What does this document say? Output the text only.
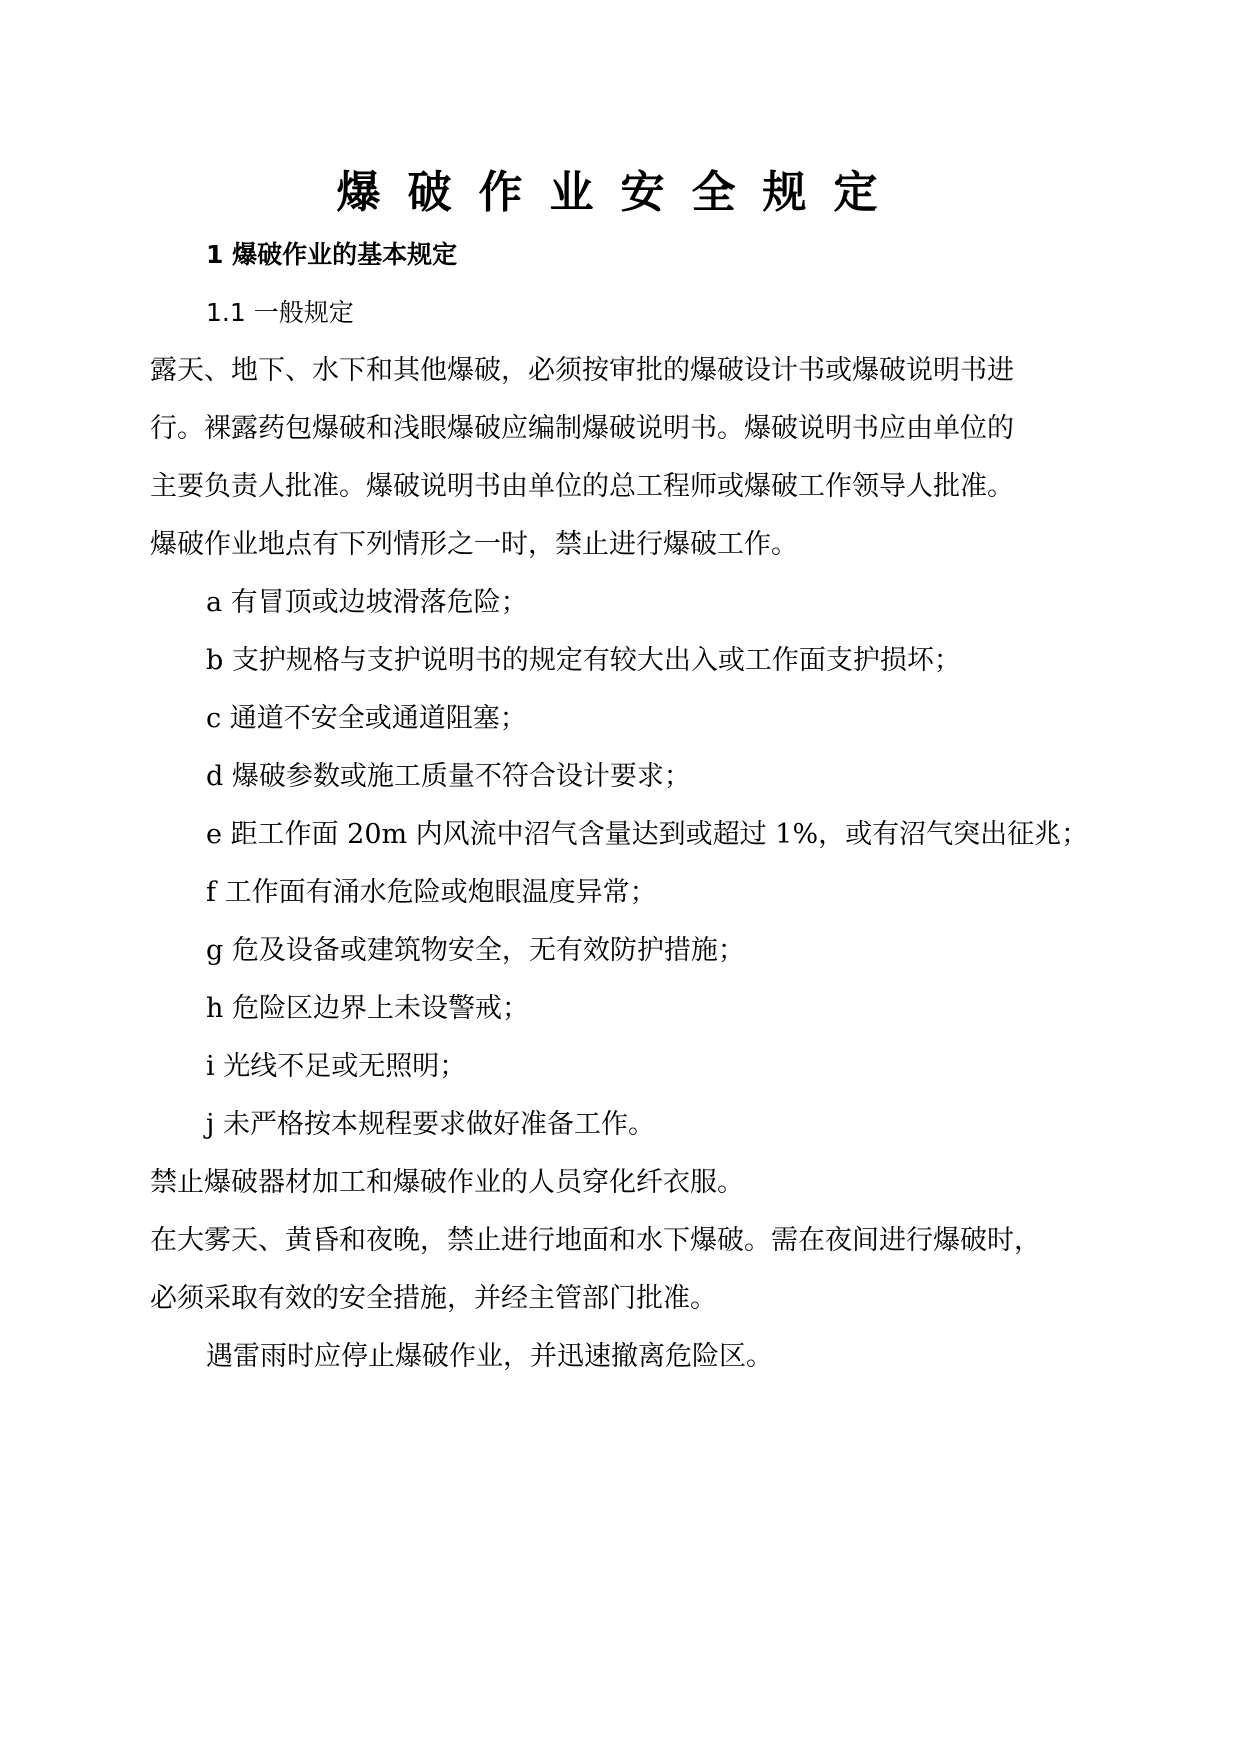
爆破作业安全规定
1 爆破作业的基本规定
1.1 一般规定
露天、地下、水下和其他爆破，必须按审批的爆破设计书或爆破说明书进
行。裸露药包爆破和浅眼爆破应编制爆破说明书。爆破说明书应由单位的
主要负责人批准。爆破说明书由单位的总工程师或爆破工作领导人批准。
爆破作业地点有下列情形之一时，禁止进行爆破工作。
a 有冒顶或边坡滑落危险；
b 支护规格与支护说明书的规定有较大出入或工作面支护损坏；
c 通道不安全或通道阻塞；
d 爆破参数或施工质量不符合设计要求；
e 距工作面 20m 内风流中沼气含量达到或超过 1%，或有沼气突出征兆；
f 工作面有涌水危险或炮眼温度异常；
g 危及设备或建筑物安全，无有效防护措施；
h 危险区边界上未设警戒；
i 光线不足或无照明；
j 未严格按本规程要求做好准备工作。
禁止爆破器材加工和爆破作业的人员穿化纤衣服。
在大雾天、黄昏和夜晚，禁止进行地面和水下爆破。需在夜间进行爆破时，
必须采取有效的安全措施，并经主管部门批准。
遇雷雨时应停止爆破作业，并迅速撤离危险区。
